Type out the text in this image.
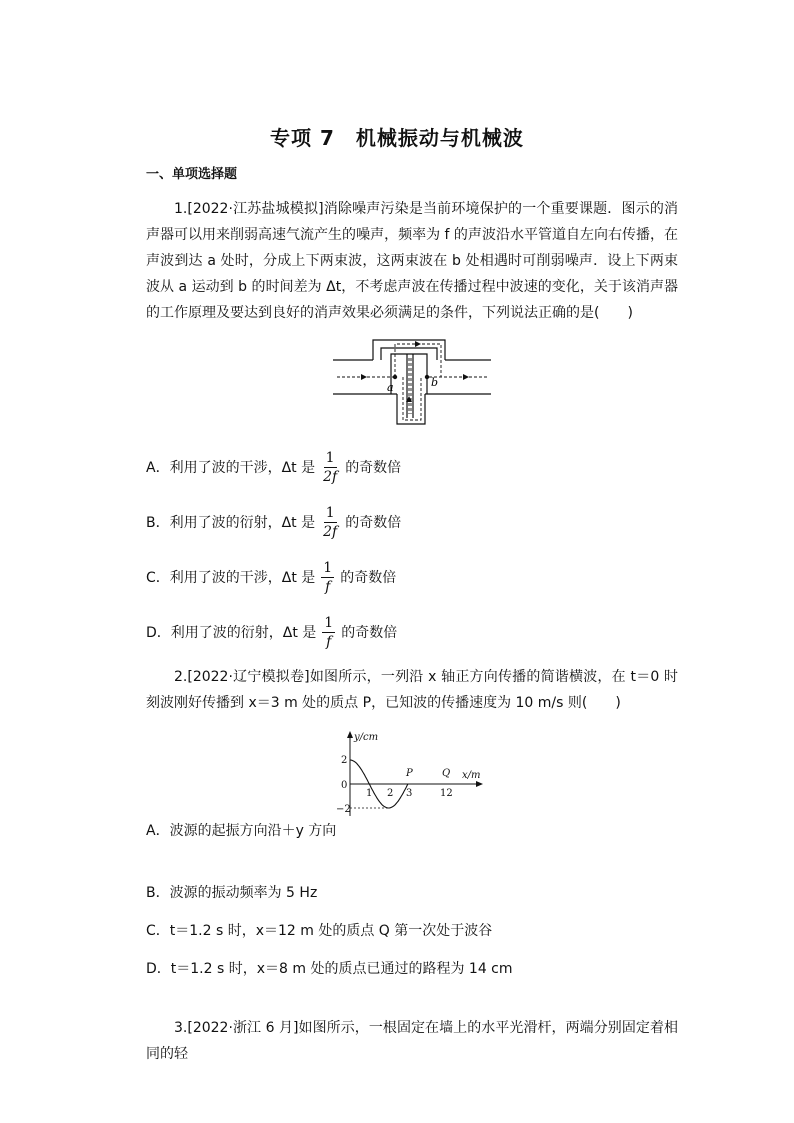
专项 7　机械振动与机械波
一、单项选择题
1.[2022·江苏盐城模拟]消除噪声污染是当前环境保护的一个重要课题．图示的消声器可以用来削弱高速气流产生的噪声，频率为 f 的声波沿水平管道自左向右传播，在声波到达 a 处时，分成上下两束波，这两束波在 b 处相遇时可削弱噪声．设上下两束波从 a 运动到 b 的时间差为 Δt，不考虑声波在传播过程中波速的变化，关于该消声器的工作原理及要达到良好的消声效果必须满足的条件，下列说法正确的是(　　)
a	b
A．利用了波的干涉，Δt 是 $\frac{1}{2f}$ 的奇数倍
B．利用了波的衍射，Δt 是 $\frac{1}{2f}$ 的奇数倍
C．利用了波的干涉，Δt 是 $\frac{1}{f}$ 的奇数倍
D．利用了波的衍射，Δt 是 $\frac{1}{f}$ 的奇数倍
2.[2022·辽宁模拟卷]如图所示，一列沿 x 轴正方向传播的简谐横波，在 t＝0 时刻波刚好传播到 x＝3 m 处的质点 P，已知波的传播速度为 10 m/s 则(　　)
y/cm
x/m
2
0
−2
1 2 3	12
P	Q
A．波源的起振方向沿＋y 方向
B．波源的振动频率为 5 Hz
C．t＝1.2 s 时，x＝12 m 处的质点 Q 第一次处于波谷
D．t＝1.2 s 时，x＝8 m 处的质点已通过的路程为 14 cm
3.[2022·浙江 6 月]如图所示，一根固定在墙上的水平光滑杆，两端分别固定着相同的轻
